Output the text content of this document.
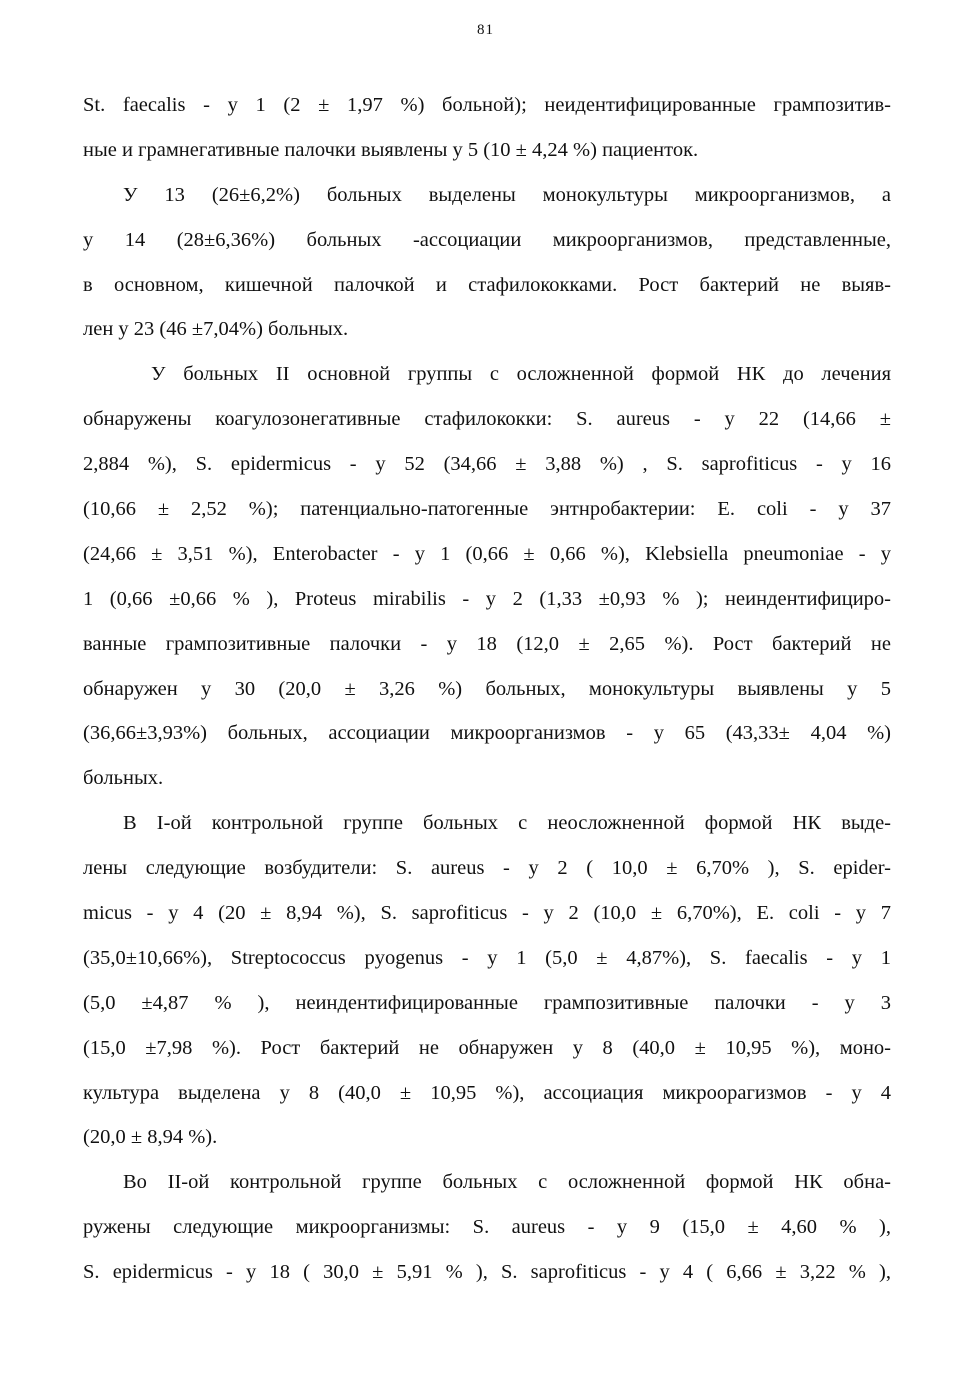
81
St. faecalis - у 1 (2 ± 1,97 %) больной); неидентифицированные грампозитив-
ные и грамнегативные палочки выявлены у 5 (10 ± 4,24 %) пациенток.
У 13 (26±6,2%) больных выделены монокультуры микроорганизмов, а
у 14 (28±6,36%) больных -ассоциации микроорганизмов, представленные,
в основном, кишечной палочкой и стафилококками. Рост бактерий не выяв-
лен у 23 (46 ±7,04%) больных.
У больных II основной группы с осложненной формой НК до лечения
обнаружены коагулозонегативные стафилококки: S. aureus - у 22 (14,66 ±
2,884 %), S. epidermicus - у 52 (34,66 ± 3,88 %) , S. saprofiticus - у 16
(10,66 ± 2,52 %); патенциально-патогенные энтнробактерии: E. coli - у 37
(24,66 ± 3,51 %), Enterobacter - у 1 (0,66 ± 0,66 %), Klebsiella pneumoniae - у
1 (0,66 ±0,66 % ), Proteus mirabilis - у 2 (1,33 ±0,93 % ); неиндентифициро-
ванные грампозитивные палочки - у 18 (12,0 ± 2,65 %). Рост бактерий не
обнаружен у 30 (20,0 ± 3,26 %) больных, монокультуры выявлены у 5
(36,66±3,93%) больных, ассоциации микроорганизмов - у 65 (43,33± 4,04 %)
больных.
В I-ой контрольной группе больных с неосложненной формой НК выде-
лены следующие возбудители: S. aureus - у 2 ( 10,0 ± 6,70% ), S. epider-
micus - у 4 (20 ± 8,94 %), S. saprofiticus - у 2 (10,0 ± 6,70%), E. coli - у 7
(35,0±10,66%), Streptococcus pyogenus - у 1 (5,0 ± 4,87%), S. faecalis - у 1
(5,0 ±4,87 % ), неиндентифицированные грампозитивные палочки - у 3
(15,0 ±7,98 %). Рост бактерий не обнаружен у 8 (40,0 ± 10,95 %), моно-
культура выделена у 8 (40,0 ± 10,95 %), ассоциация микроорагизмов - у 4
(20,0 ± 8,94 %).
Во II-ой контрольной группе больных с осложненной формой НК обна-
ружены следующие микроорганизмы: S. aureus - у 9 (15,0 ± 4,60 % ),
S. epidermicus - у 18 ( 30,0 ± 5,91 % ), S. saprofiticus - у 4 ( 6,66 ± 3,22 % ),
